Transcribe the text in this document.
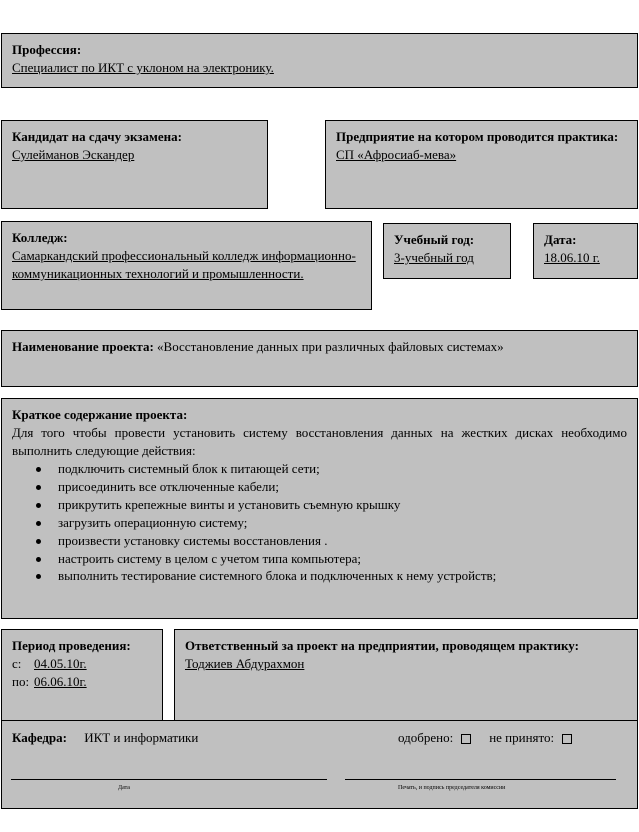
Профессия:
Специалист по ИКТ с уклоном на электронику.
Кандидат на сдачу экзамена:
Сулейманов Эскандер
Предприятие на котором проводится практика:
СП «Афросиаб-мева»
Колледж:
Самаркандский профессиональный колледж информационно-коммуникационных технологий и промышленности.
Учебный год:
3-учебный год
Дата:
18.06.10 г.
Наименование проекта: «Восстановление данных при различных файловых системах»
Краткое содержание проекта:
Для того чтобы провести установить систему восстановления данных на жестких дисках необходимо выполнить следующие действия:
подключить системный блок к питающей сети;
присоединить все отключенные кабели;
прикрутить крепежные винты и установить съемную крышку
загрузить операционную систему;
произвести установку системы восстановления .
настроить систему в целом с учетом типа компьютера;
выполнить тестирование системного блока и подключенных к нему устройств;
Период проведения:
с: 04.05.10г.
по: 06.06.10г.
Ответственный за проект на предприятии, проводящем практику:
Тоджиев Абдурахмон
Кафедра: ИКТ и информатики	одобрено:	не принято:
Дата	Печать, и подпись председателя комиссии
